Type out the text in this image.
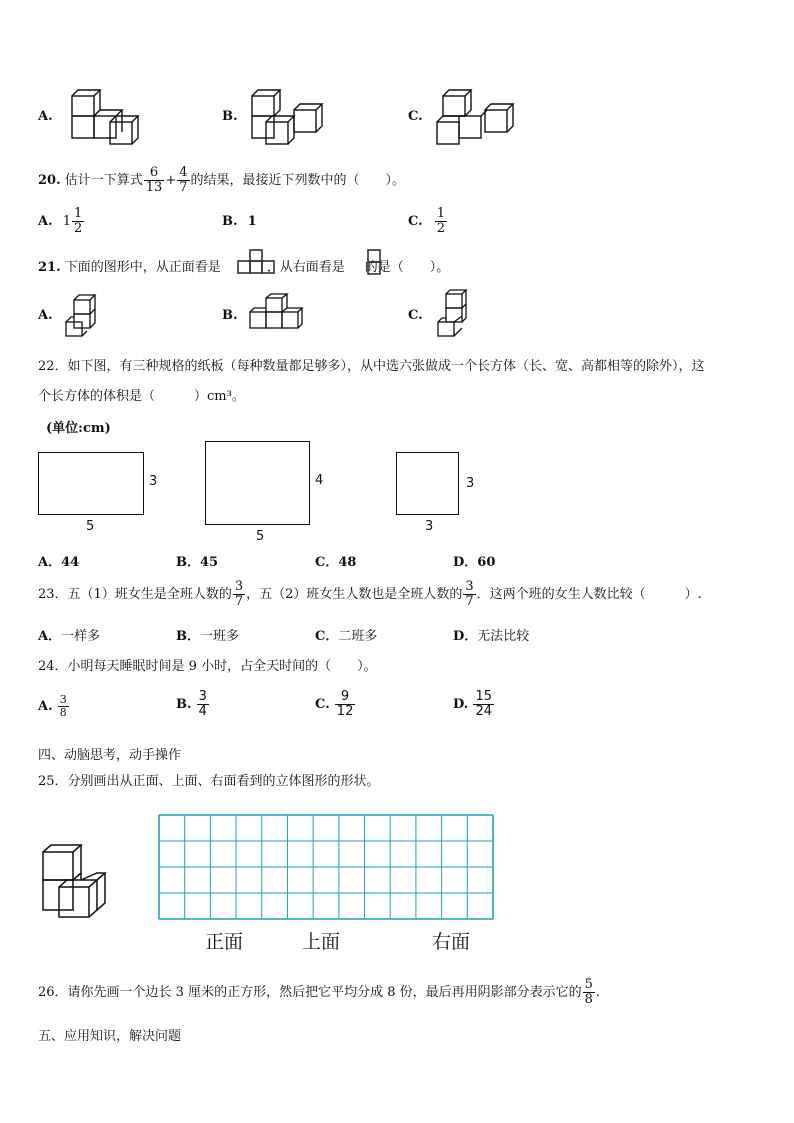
A.	B.	C.
20. 估计一下算式 $\frac{6}{13} + \frac{4}{7}$ 的结果，最接近下列数中的（　　）。
A. $1 \frac{1}{2}$	B. 1	C. $\frac{1}{2}$
21. 下面的图形中，从正面看是	，从右面看是 的是（　　）。
A.	B.	C.
22．如下图，有三种规格的纸板（每种数量都足够多），从中选六张做成一个长方体（长、宽、高都相等的除外），这
个长方体的体积是（　　　）cm³。
(单位:cm)
3
5
4
5
3
3
A．44	B．45	C．48	D．60
23．五（1）班女生是全班人数的 $\frac{3}{7}$ ，五（2）班女生人数也是全班人数的 $\frac{3}{7}$ ．这两个班的女生人数比较（　　　）.
A．一样多	B．一班多	C．二班多	D．无法比较
24．小明每天睡眠时间是 9 小时，占全天时间的（　　）。
A. $\frac{3}{8}$	B. $\frac{3}{4}$	C. $\frac{9}{12}$	D. $\frac{15}{24}$
四、动脑思考，动手操作
25．分别画出从正面、上面、右面看到的立体图形的形状。
正面	上面	右面
26．请你先画一个边长 3 厘米的正方形，然后把它平均分成 8 份，最后再用阴影部分表示它的 $\frac{5}{8}$ .
五、应用知识，解决问题
